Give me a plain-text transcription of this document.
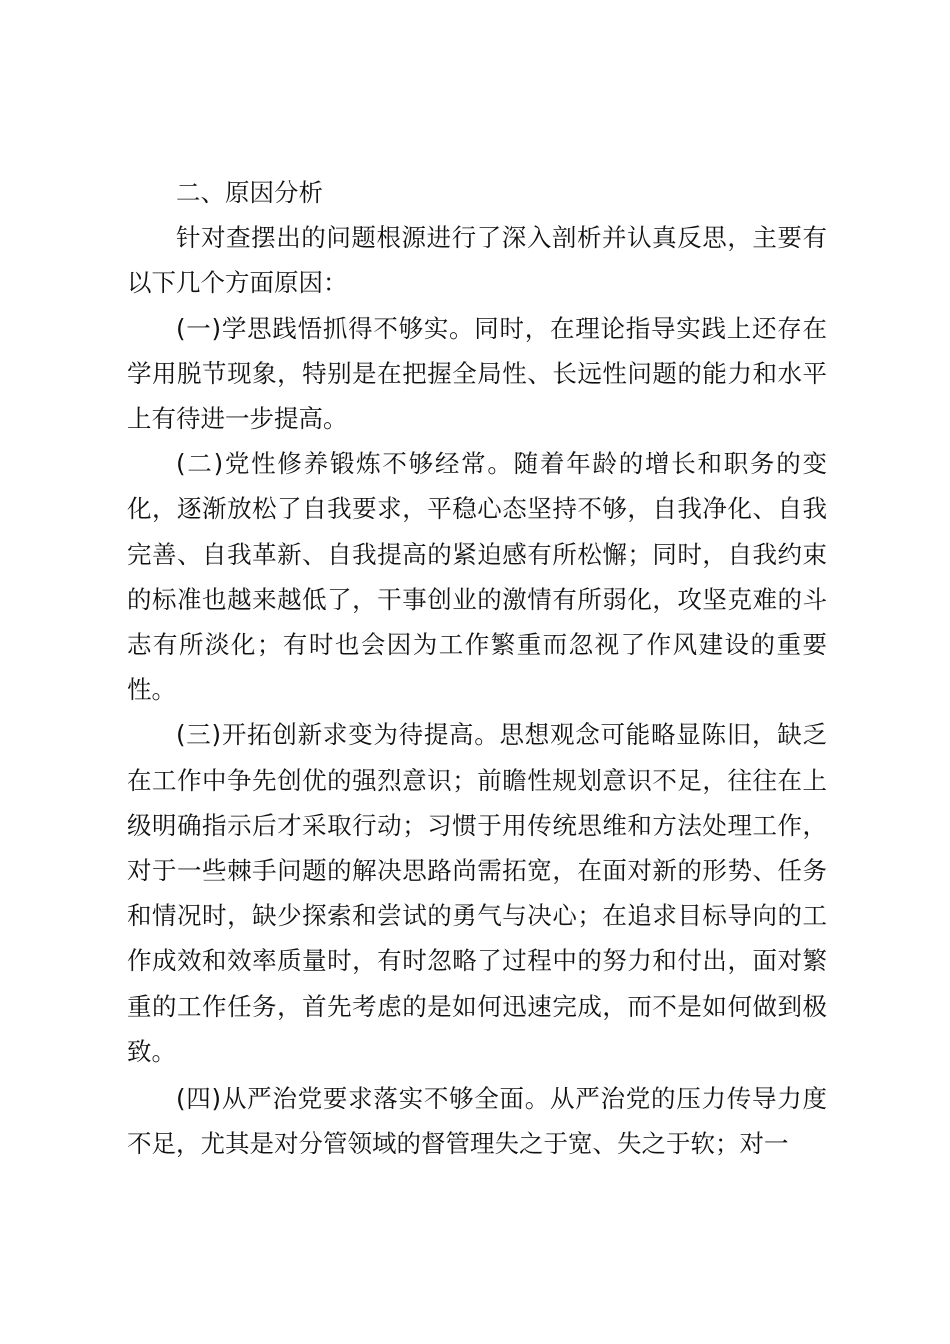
二、原因分析

针对查摆出的问题根源进行了深入剖析并认真反思，主要有以下几个方面原因：

(一)学思践悟抓得不够实。同时，在理论指导实践上还存在学用脱节现象，特别是在把握全局性、长远性问题的能力和水平上有待进一步提高。

(二)党性修养锻炼不够经常。随着年龄的增长和职务的变化，逐渐放松了自我要求，平稳心态坚持不够，自我净化、自我完善、自我革新、自我提高的紧迫感有所松懈；同时，自我约束的标准也越来越低了，干事创业的激情有所弱化，攻坚克难的斗志有所淡化；有时也会因为工作繁重而忽视了作风建设的重要性。

(三)开拓创新求变为待提高。思想观念可能略显陈旧，缺乏在工作中争先创优的强烈意识；前瞻性规划意识不足，往往在上级明确指示后才采取行动；习惯于用传统思维和方法处理工作，对于一些棘手问题的解决思路尚需拓宽，在面对新的形势、任务和情况时，缺少探索和尝试的勇气与决心；在追求目标导向的工作成效和效率质量时，有时忽略了过程中的努力和付出，面对繁重的工作任务，首先考虑的是如何迅速完成，而不是如何做到极致。

(四)从严治党要求落实不够全面。从严治党的压力传导力度不足，尤其是对分管领域的督管理失之于宽、失之于软；对一
